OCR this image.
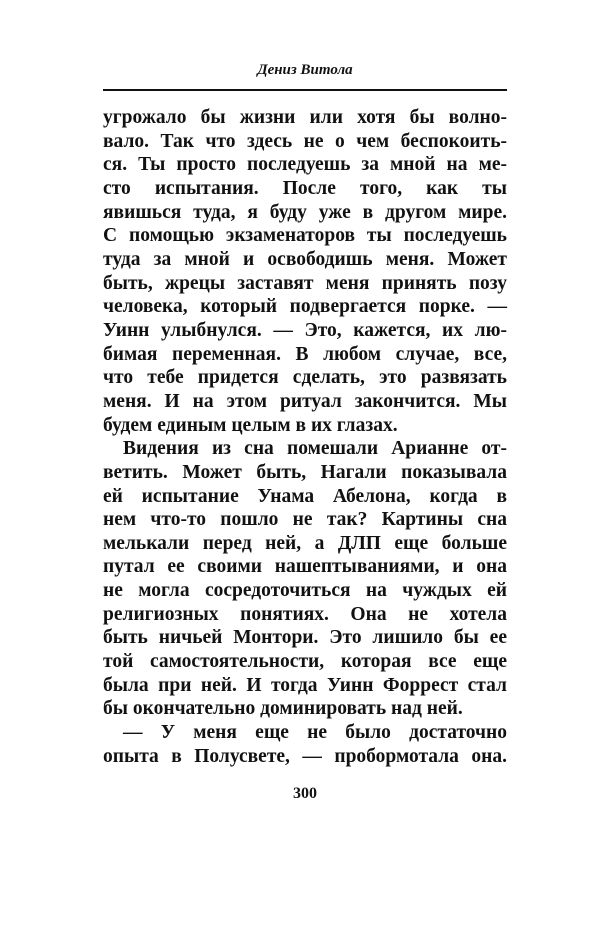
Дениз Витола
угрожало бы жизни или хотя бы волно-
вало. Так что здесь не о чем беспокоить-
ся. Ты просто последуешь за мной на ме-
сто испытания. После того, как ты
явишься туда, я буду уже в другом мире.
С помощью экзаменаторов ты последуешь
туда за мной и освободишь меня. Может
быть, жрецы заставят меня принять позу
человека, который подвергается порке. —
Уинн улыбнулся. — Это, кажется, их лю-
бимая переменная. В любом случае, все,
что тебе придется сделать, это развязать
меня. И на этом ритуал закончится. Мы
будем единым целым в их глазах.
Видения из сна помешали Арианне от-
ветить. Может быть, Нагали показывала
ей испытание Унама Абелона, когда в
нем что-то пошло не так? Картины сна
мелькали перед ней, а ДЛП еще больше
путал ее своими нашептываниями, и она
не могла сосредоточиться на чуждых ей
религиозных понятиях. Она не хотела
быть ничьей Монтори. Это лишило бы ее
той самостоятельности, которая все еще
была при ней. И тогда Уинн Форрест стал
бы окончательно доминировать над ней.
— У меня еще не было достаточно
опыта в Полусвете, — пробормотала она.
300
